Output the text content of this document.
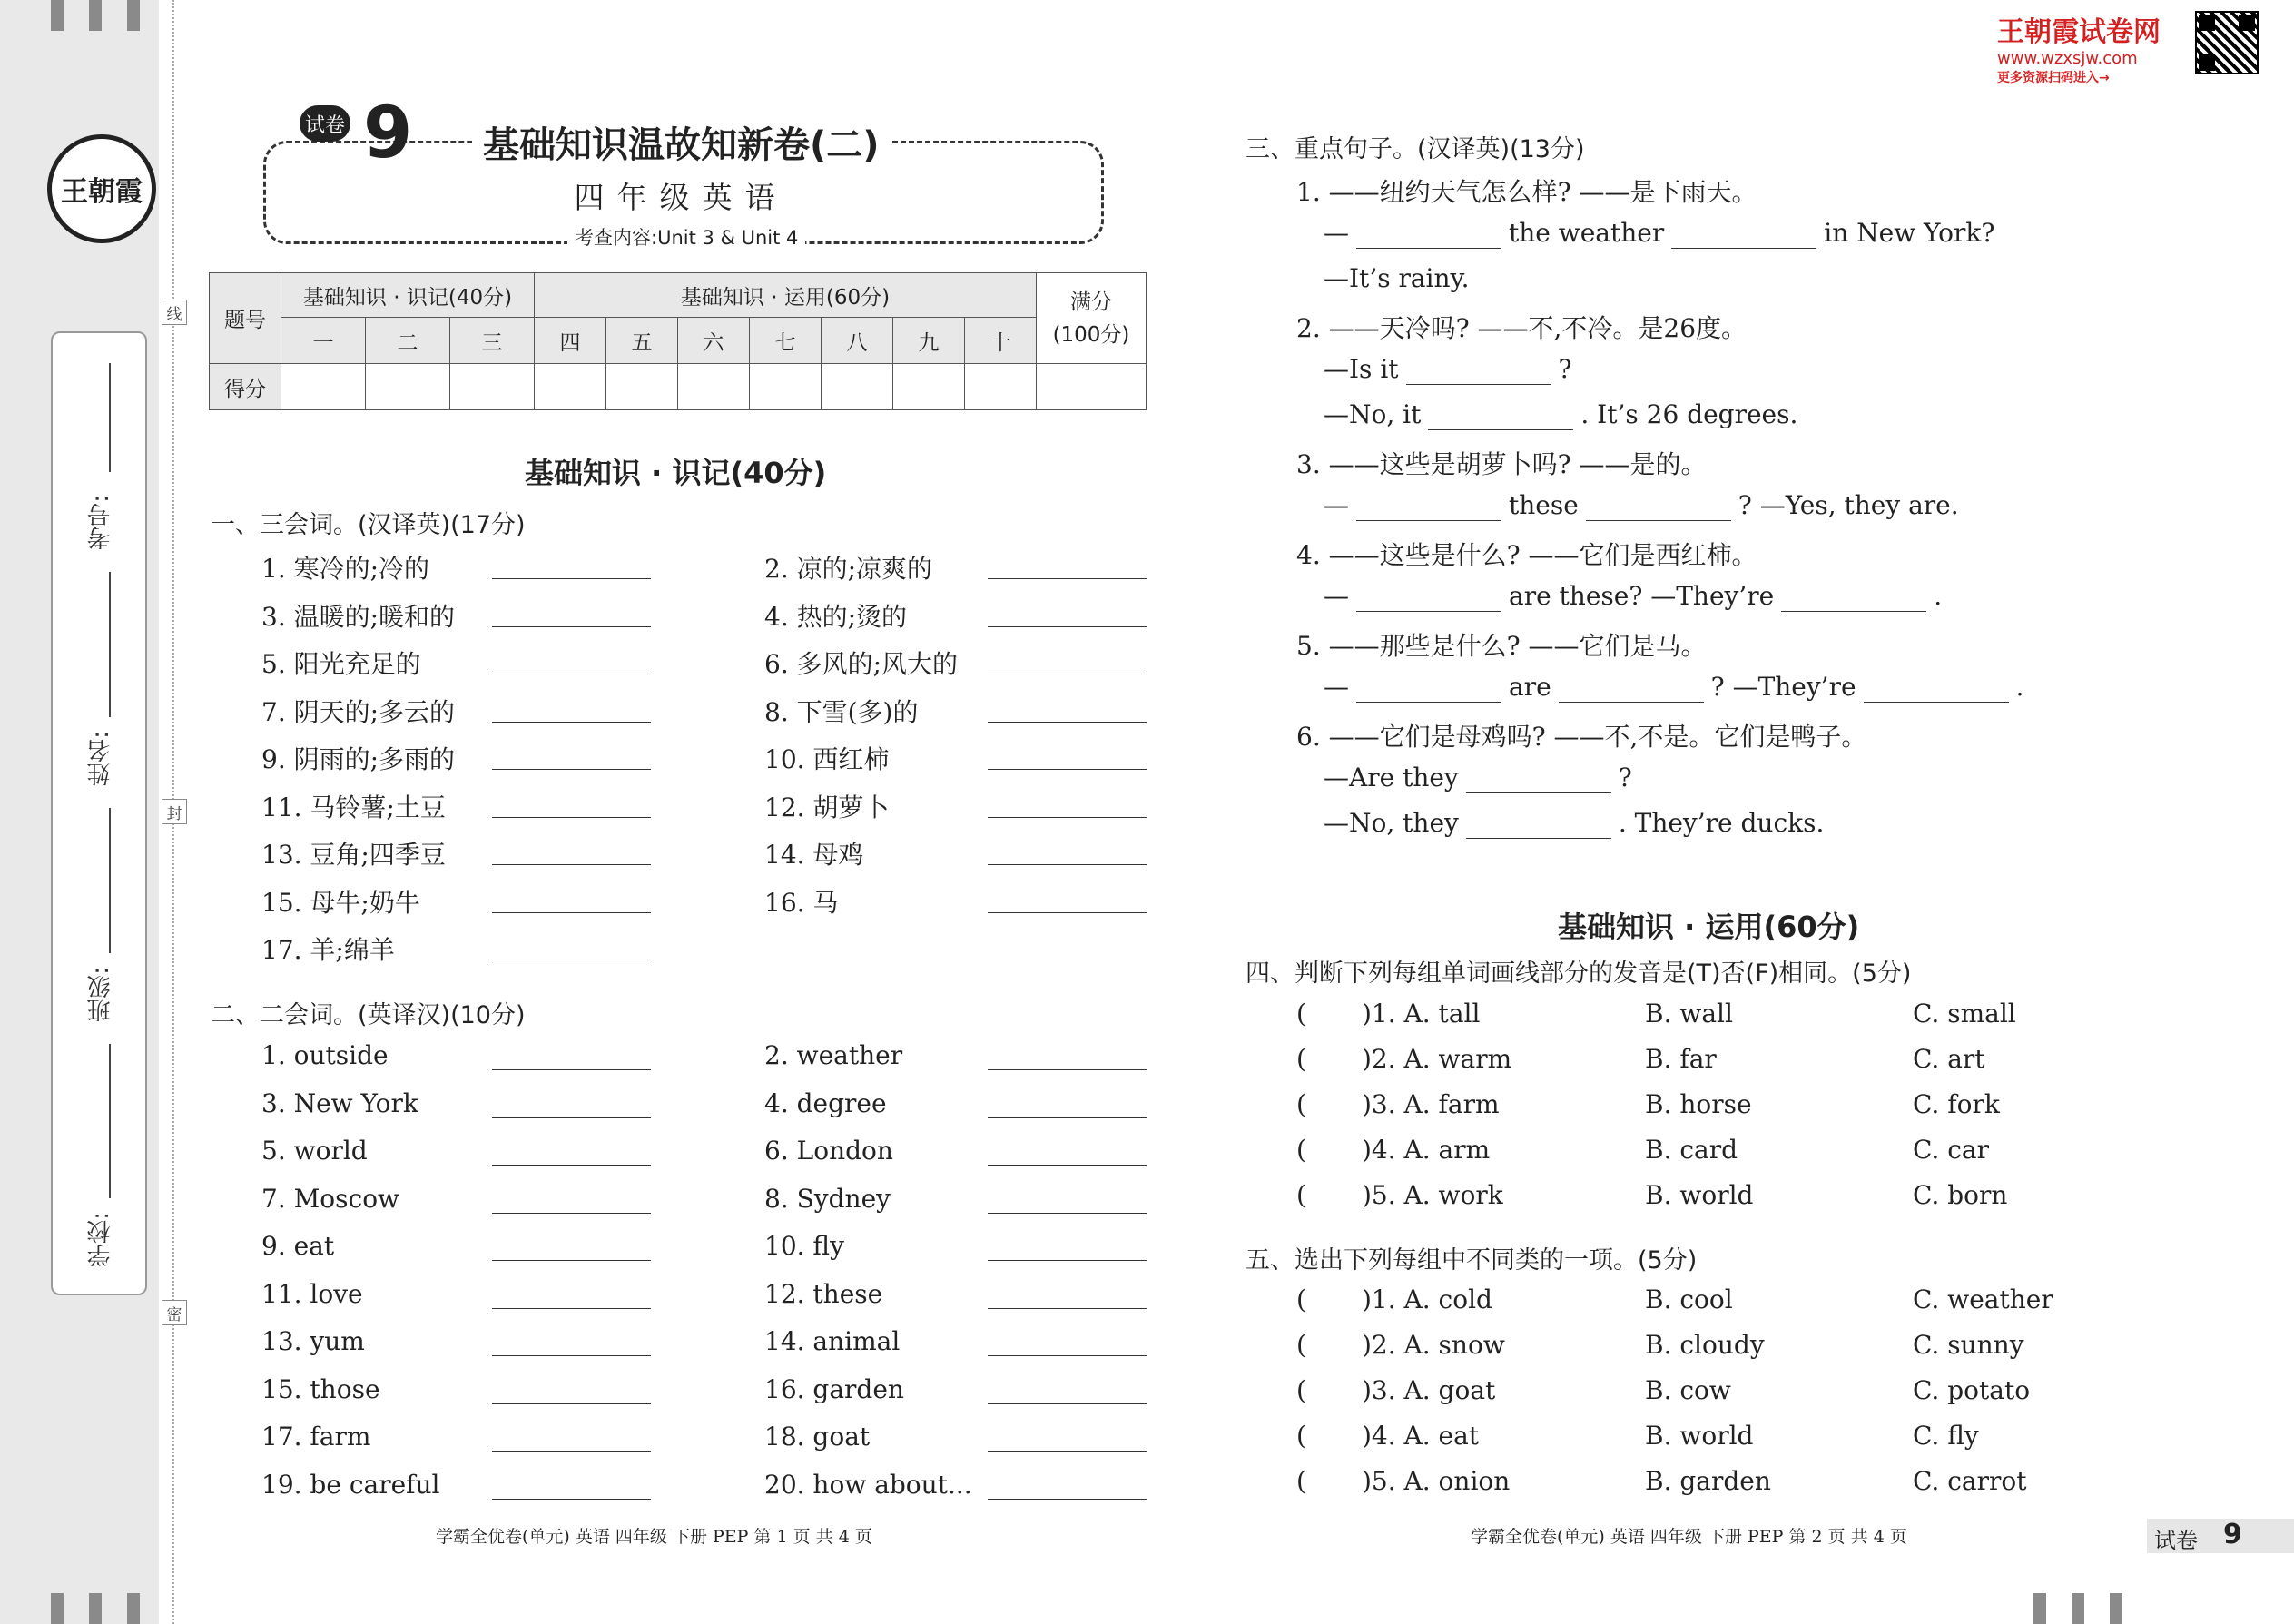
考号:
姓名:
班级:
学校:
线
封
密
王朝霞
王朝霞试卷网
www.wzxsjw.com
更多资源扫码进入→
试卷 9	基础知识温故知新卷(二)
四年级英语
考查内容:Unit 3 & Unit 4
题号	基础知识 · 识记(40分)			基础知识 · 运用(60分)							满分
(100分)
	一	二	三	四	五	六	七	八	九	十	
得分											
基础知识 · 识记(40分)
一、三会词。(汉译英)(17分)
1. 寒冷的;冷的	2. 凉的;凉爽的
3. 温暖的;暖和的	4. 热的;烫的
5. 阳光充足的	6. 多风的;风大的
7. 阴天的;多云的	8. 下雪(多)的
9. 阴雨的;多雨的	10. 西红柿
11. 马铃薯;土豆	12. 胡萝卜
13. 豆角;四季豆	14. 母鸡
15. 母牛;奶牛	16. 马
17. 羊;绵羊
二、二会词。(英译汉)(10分)
1. outside	2. weather
3. New York	4. degree
5. world	6. London
7. Moscow	8. Sydney
9. eat	10. fly
11. love	12. these
13. yum	14. animal
15. those	16. garden
17. farm	18. goat
19. be careful	20. how about...
学霸全优卷(单元) 英语 四年级 下册 PEP 第 1 页 共 4 页
三、重点句子。(汉译英)(13分)
1. ——纽约天气怎么样? ——是下雨天。
—	the weather	in New York?
—It’s rainy.
2. ——天冷吗? ——不,不冷。是26度。
—Is it	?
—No, it	. It’s 26 degrees.
3. ——这些是胡萝卜吗? ——是的。
—	these	? —Yes, they are.
4. ——这些是什么? ——它们是西红柿。
—	are these? —They’re	.
5. ——那些是什么? ——它们是马。
—	are	? —They’re	.
6. ——它们是母鸡吗? ——不,不是。它们是鸭子。
—Are they	?
—No, they	. They’re ducks.
基础知识 · 运用(60分)
四、判断下列每组单词画线部分的发音是(T)否(F)相同。(5分)
( )1. A. tall	B. wall	C. small
( )2. A. warm	B. far	C. art
( )3. A. farm	B. horse	C. fork
( )4. A. arm	B. card	C. car
( )5. A. work	B. world	C. born
五、选出下列每组中不同类的一项。(5分)
( )1. A. cold	B. cool	C. weather
( )2. A. snow	B. cloudy	C. sunny
( )3. A. goat	B. cow	C. potato
( )4. A. eat	B. world	C. fly
( )5. A. onion	B. garden	C. carrot
学霸全优卷(单元) 英语 四年级 下册 PEP 第 2 页 共 4 页	试卷 9
